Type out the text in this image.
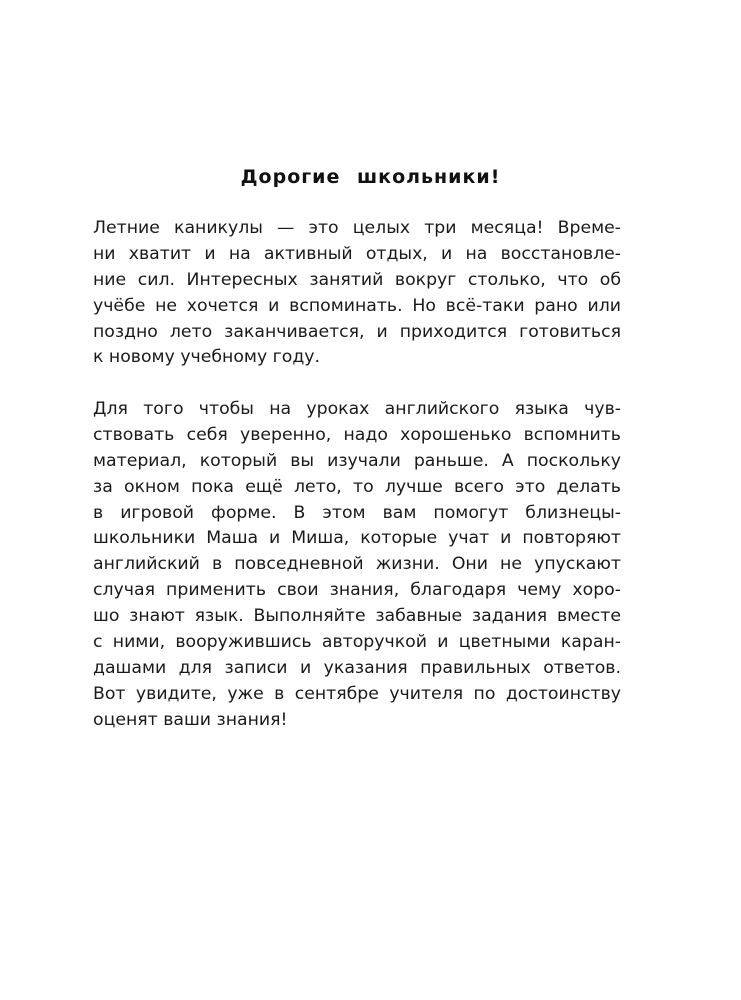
Дорогие школьники!
Летние каникулы — это целых три месяца! Време-
ни хватит и на активный отдых, и на восстановле-
ние сил. Интересных занятий вокруг столько, что об
учёбе не хочется и вспоминать. Но всё-таки рано или
поздно лето заканчивается, и приходится готовиться
к новому учебному году.
Для того чтобы на уроках английского языка чув-
ствовать себя уверенно, надо хорошенько вспомнить
материал, который вы изучали раньше. А поскольку
за окном пока ещё лето, то лучше всего это делать
в игровой форме. В этом вам помогут близнецы-
школьники Маша и Миша, которые учат и повторяют
английский в повседневной жизни. Они не упускают
случая применить свои знания, благодаря чему хоро-
шо знают язык. Выполняйте забавные задания вместе
с ними, вооружившись авторучкой и цветными каран-
дашами для записи и указания правильных ответов.
Вот увидите, уже в сентябре учителя по достоинству
оценят ваши знания!
